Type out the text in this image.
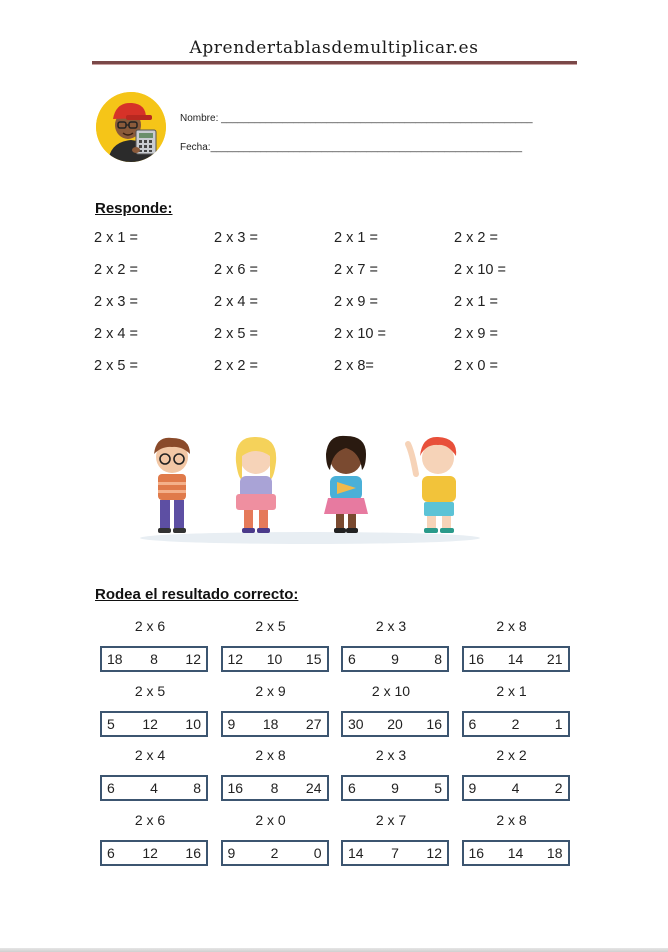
Aprendertablasdemultiplicar.es
Nombre: ________________________________________________________
Fecha:________________________________________________________
Responde:
2 x 1 =	2 x 3 =	2 x 1 =	2 x 2 =
2 x 2 =	2 x 6 =	2 x 7 =	2 x 10 =
2 x 3 =	2 x 4 =	2 x 9 =	2 x 1 =
2 x 4 =	2 x 5 =	2 x 10 =	2 x 9 =
2 x 5 =	2 x 2 =	2 x 8=	2 x 0 =
Rodea el resultado correcto:
2 x 6
18 8 12
2 x 5
12 10 15
2 x 3
6	9	8
2 x 8
16 14 21
2 x 5
5 12 10
2 x 9
9 18 27
2 x 10
30 20 16
2 x 1
6	2	1
2 x 4
6	4	8
2 x 8
16 8 24
2 x 3
6	9	5
2 x 2
9	4	2
2 x 6
6 12 16
2 x 0
9	2	0
2 x 7
14 7 12
2 x 8
16 14 18
